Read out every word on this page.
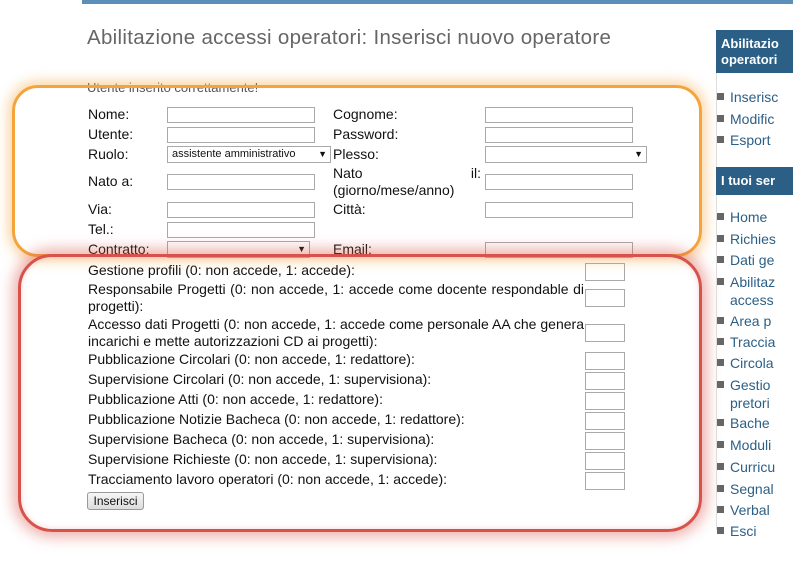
Abilitazione accessi operatori: Inserisci nuovo operatore
Utente inserito correttamente!
Nome:	Cognome:
Utente:	Password:
Ruolo:	assistente amministrativo	▼ Plesso:	▼
Nato a:	Nato il:
(giorno/mese/anno)
Via:	Città:
Tel.:
Contratto:	▼ Email:
Gestione profili (0: non accede, 1: accede):
Responsabile Progetti (0: non accede, 1: accede come docente respondable di progetti):
Accesso dati Progetti (0: non accede, 1: accede come personale AA che genera incarichi e mette autorizzazioni CD ai progetti):
Pubblicazione Circolari (0: non accede, 1: redattore):
Supervisione Circolari (0: non accede, 1: supervisiona):
Pubblicazione Atti (0: non accede, 1: redattore):
Pubblicazione Notizie Bacheca (0: non accede, 1: redattore):
Supervisione Bacheca (0: non accede, 1: supervisiona):
Supervisione Richieste (0: non accede, 1: supervisiona):
Tracciamento lavoro operatori (0: non accede, 1: accede):
Inserisci
Abilitazio
operatori
Inserisc
Modific
Esport
I tuoi ser
Home
Richies
Dati ge
Abilitaz
access
Area p
Traccia
Circola
Gestio
pretori
Bache
Moduli
Curricu
Segnal
Verbal
Esci
